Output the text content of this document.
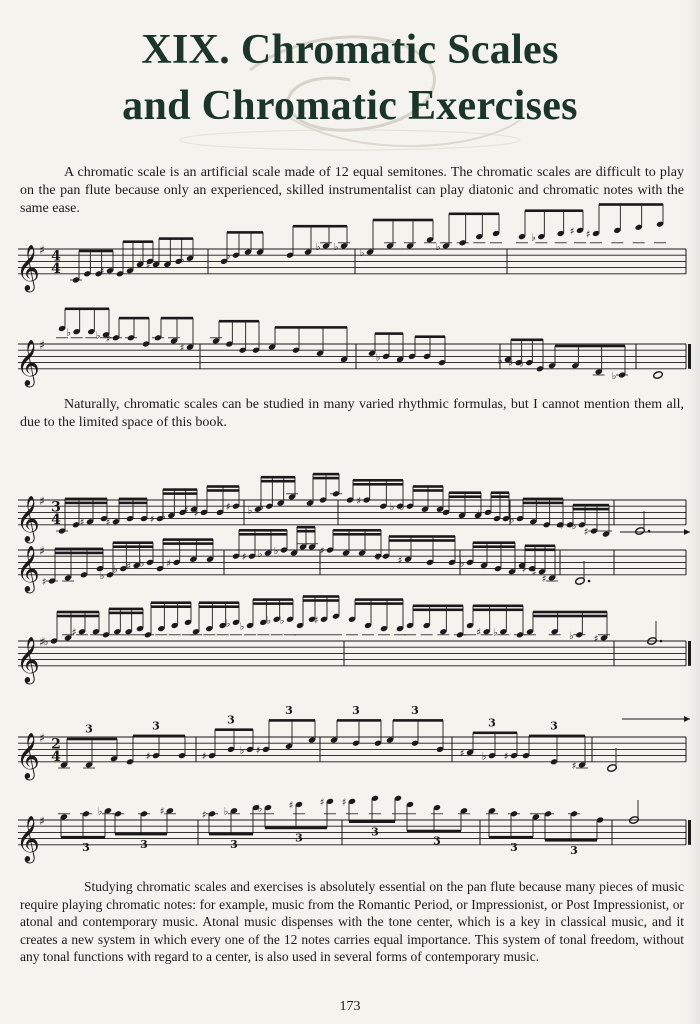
XIX. Chromatic Scales
and Chromatic Exercises
A chromatic scale is an artificial scale made of 12 equal semitones. The chromatic scales are difficult to play on the pan flute because only an experienced, skilled instrumentalist can play diatonic and chromatic notes with the same ease.
Naturally, chromatic scales can be studied in many varied rhythmic formulas, but I cannot mention them all, due to the limited space of this book.
Studying chromatic scales and exercises is absolutely essential on the pan flute because many pieces of music require playing chromatic notes: for example, music from the Romantic Period, or Impressionist, or Post Impressionist, or atonal and contemporary music. Atonal music dispenses with the tone center, which is a key in classical music, and it creates a new system in which every one of the 12 notes carries equal importance. This system of tonal freedom, without any tonal functions with regard to a center, is also used in several forms of contemporary music.
𝄞 ♯ 4
4	♯
♭ ♯
♭	♭
♭ ♭
♭
♭
♭
♯ ♯
𝄞 ♯
♭ ♭ ♯
♯
♭	♭ ♯ ♭
♭
𝄞 ♯ 3
4 ♯ ♯	♯ ♭
♯ ♯
♯ ♭ ♭
♯
♭ ♭
♭
♭
♯ ♭
♯
𝄞 ♯
♯
♭
♭ ♯ ♭ ♯
♯ ♭ ♭	♯
♭ ♯	♭
♯ ♯
♯
𝄞 ♯
♭
♯
♭ ♭
♭ ♭	♯
♯ ♭	♭ ♯
𝄞 ♯ 2
4
3
♯
3
♯
♭
3
♯
3	3	3
♯ ♭ ♯
3
♯
3
𝄞 ♯
♭
3
♯
3
♯ ♭
3
♭	♯	♯
3
♯
3
3	3	3
173
